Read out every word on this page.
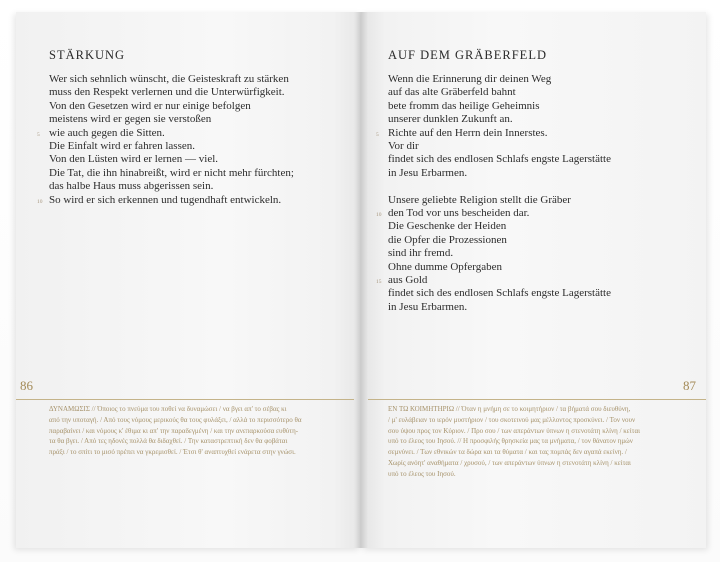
STÄRKUNG
Wer sich sehnlich wünscht, die Geisteskraft zu stärken
muss den Respekt verlernen und die Unterwürfigkeit.
Von den Gesetzen wird er nur einige befolgen
meistens wird er gegen sie verstoßen
wie auch gegen die Sitten.
5
Die Einfalt wird er fahren lassen.
Von den Lüsten wird er lernen — viel.
Die Tat, die ihn hinabreißt, wird er nicht mehr fürchten;
das halbe Haus muss abgerissen sein.
So wird er sich erkennen und tugendhaft entwickeln.
10
86
ΔΥΝΑΜΩΣΙΣ // Όποιος το πνεύμα του ποθεί να δυναμώσει / να βγει απ' το σέβας κι
από την υποταγή. / Από τους νόμους μερικούς θα τους φυλάξει, / αλλά το περισσότερο θα
παραβαίνει / και νόμους κ' έθιμα κι απ' την παραδεγμένη / και την ανεπαρκούσα ευθύτη-
τα θα βγει. / Από τες ηδονές πολλά θα διδαχθεί. / Την καταστρεπτική δεν θα φοβάται
πράξι / το σπίτι το μισό πρέπει να γκρεμισθεί. / Έτσι θ' αναπτυχθεί ενάρετα στην γνώσι.
AUF DEM GRÄBERFELD
Wenn die Erinnerung dir deinen Weg
auf das alte Gräberfeld bahnt
bete fromm das heilige Geheimnis
unserer dunklen Zukunft an.
Richte auf den Herrn dein Innerstes.
5
Vor dir
findet sich des endlosen Schlafs engste Lagerstätte
in Jesu Erbarmen.
Unsere geliebte Religion stellt die Gräber
den Tod vor uns bescheiden dar.
10
Die Geschenke der Heiden
die Opfer die Prozessionen
sind ihr fremd.
Ohne dumme Opfergaben
aus Gold
15
findet sich des endlosen Schlafs engste Lagerstätte
in Jesu Erbarmen.
87
ΕΝ ΤΩ ΚΟΙΜΗΤΗΡΙΩ // Όταν η μνήμη σε το κοιμητήριον / τα βήματά σου διευθύνη,
/ μ' ευλάβειαν το ιερόν μυστήριον / του σκοτεινού μας μέλλοντος προσκύνει. / Τον νουν
σου ύψου προς τον Κύριον. / Προ σου / των απεράντων ύπνων η στενοτάτη κλίνη / κείται
υπό το έλεος του Ιησού. // Η προσφιλής θρησκεία μας τα μνήματα, / τον θάνατον ημών
σεμνύνει. / Των εθνικών τα δώρα και τα θύματα / και τας πομπάς δεν αγαπά εκείνη. /
Χωρίς ανόητ' αναθήματα / χρυσού, / των απεράντων ύπνων η στενοτάτη κλίνη / κείται
υπό το έλεος του Ιησού.
